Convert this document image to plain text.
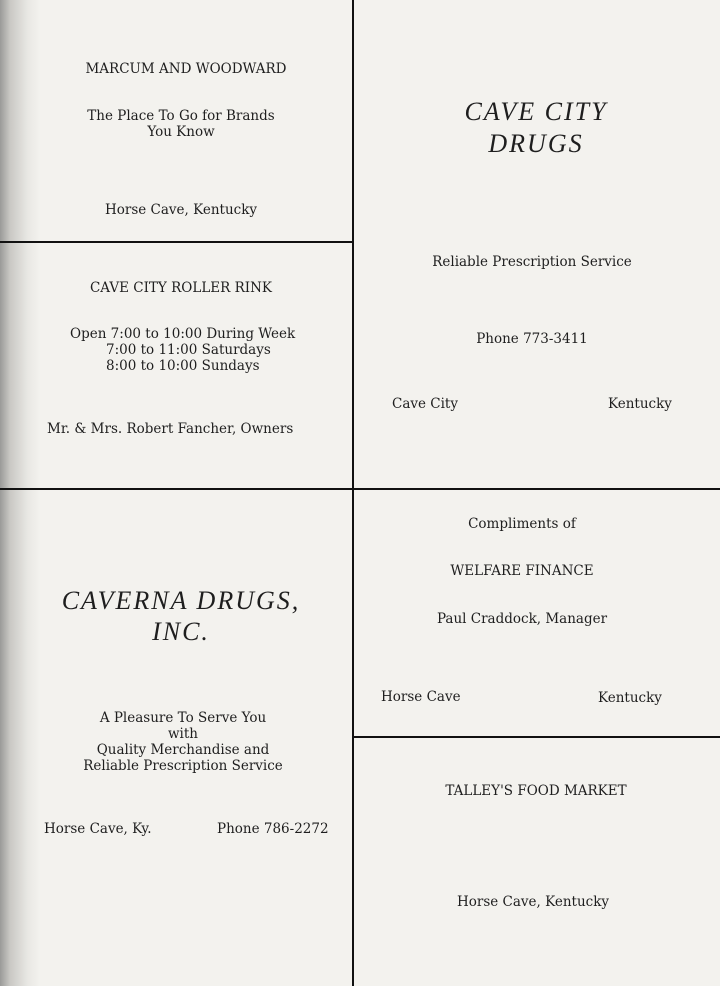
MARCUM AND WOODWARD

The Place To Go for Brands
You Know

Horse Cave, Kentucky

CAVE CITY ROLLER RINK

Open 7:00 to 10:00 During Week

7:00 to 11:00 Saturdays

8:00 to 10:00 Sundays

Mr. & Mrs. Robert Fancher, Owners

CAVERNA DRUGS,

INC.

A Pleasure To Serve You
with
Quality Merchandise and
Reliable Prescription Service

Horse Cave, Ky.	Phone 786-2272

CAVE CITY

DRUGS

Reliable Prescription Service

Phone 773-3411

Cave City	Kentucky

Compliments of

WELFARE FINANCE

Paul Craddock, Manager

Horse Cave	Kentucky

TALLEY'S FOOD MARKET

Horse Cave, Kentucky
